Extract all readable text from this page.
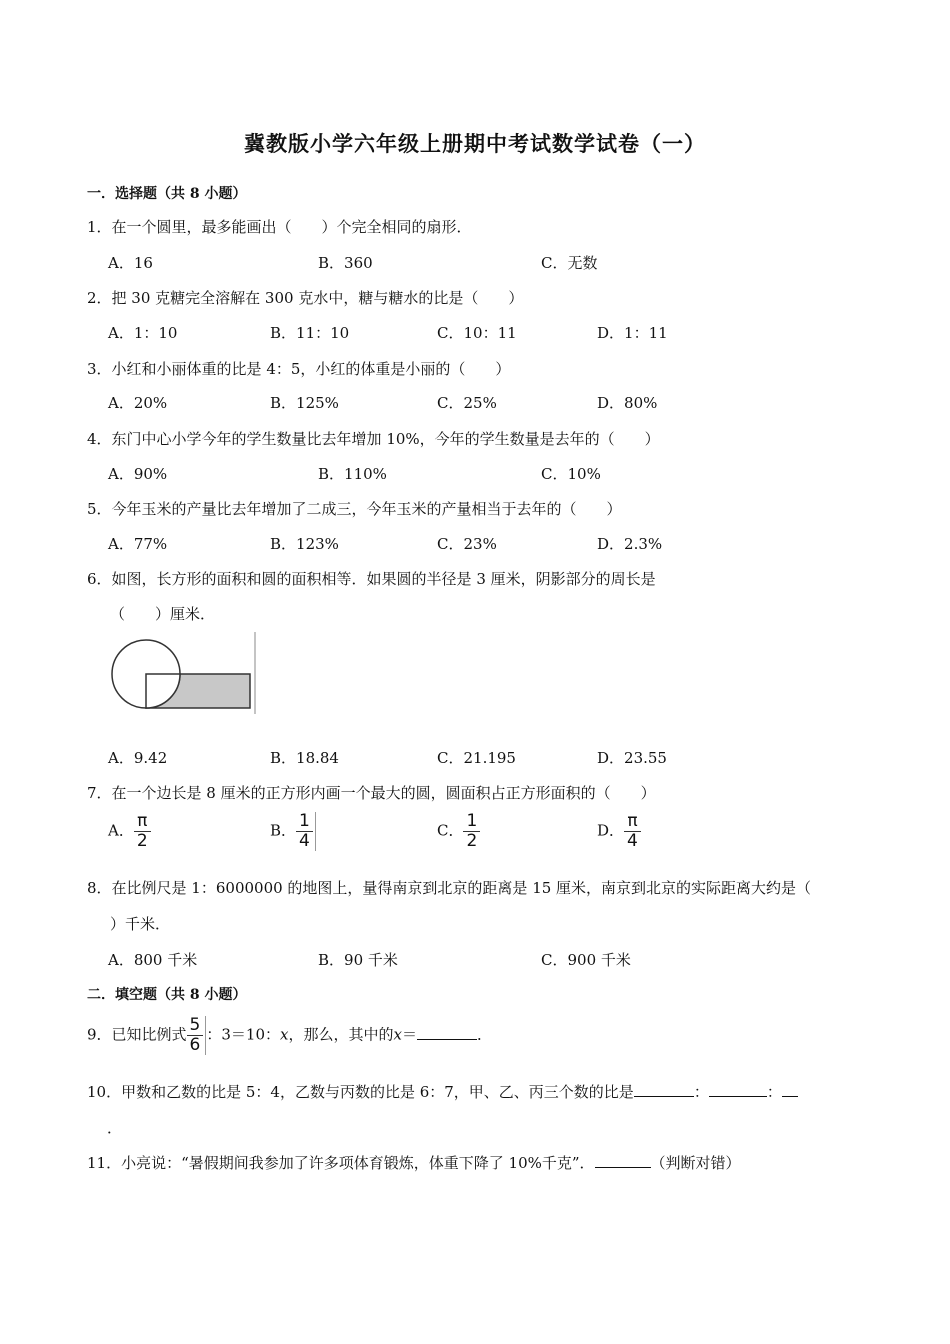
冀教版小学六年级上册期中考试数学试卷（一）
一．选择题（共 8 小题）
1．在一个圆里，最多能画出（　　）个完全相同的扇形．
A．16	B．360	C．无数
2．把 30 克糖完全溶解在 300 克水中，糖与糖水的比是（　　）
A．1：10	B．11：10	C．10：11	D．1：11
3．小红和小丽体重的比是 4：5，小红的体重是小丽的（　　）
A．20%	B．125%	C．25%	D．80%
4．东门中心小学今年的学生数量比去年增加 10%，今年的学生数量是去年的（　　）
A．90%	B．110%	C．10%
5．今年玉米的产量比去年增加了二成三，今年玉米的产量相当于去年的（　　）
A．77%	B．123%	C．23%	D．2.3%
6．如图，长方形的面积和圆的面积相等．如果圆的半径是 3 厘米，阴影部分的周长是
（　　）厘米．
A．9.42	B．18.84	C．21.195	D．23.55
7．在一个边长是 8 厘米的正方形内画一个最大的圆，圆面积占正方形面积的（　　）
A． $\frac{\pi}{2}$	B． $\frac{1}{4}$	C． $\frac{1}{2}$	D． $\frac{\pi}{4}$
8．在比例尺是 1：6000000 的地图上，量得南京到北京的距离是 15 厘米，南京到北京的实际距离大约是（
）千米．
A．800 千米	B．90 千米	C．900 千米
二．填空题（共 8 小题）
9．已知比例式 $\frac{5}{6}$ ：3＝10：x，那么，其中的x＝	．
10．甲数和乙数的比是 5：4，乙数与丙数的比是 6：7，甲、乙、丙三个数的比是	：	：
．
11．小亮说：“暑假期间我参加了许多项体育锻炼，体重下降了 10%千克”．	（判断对错）
